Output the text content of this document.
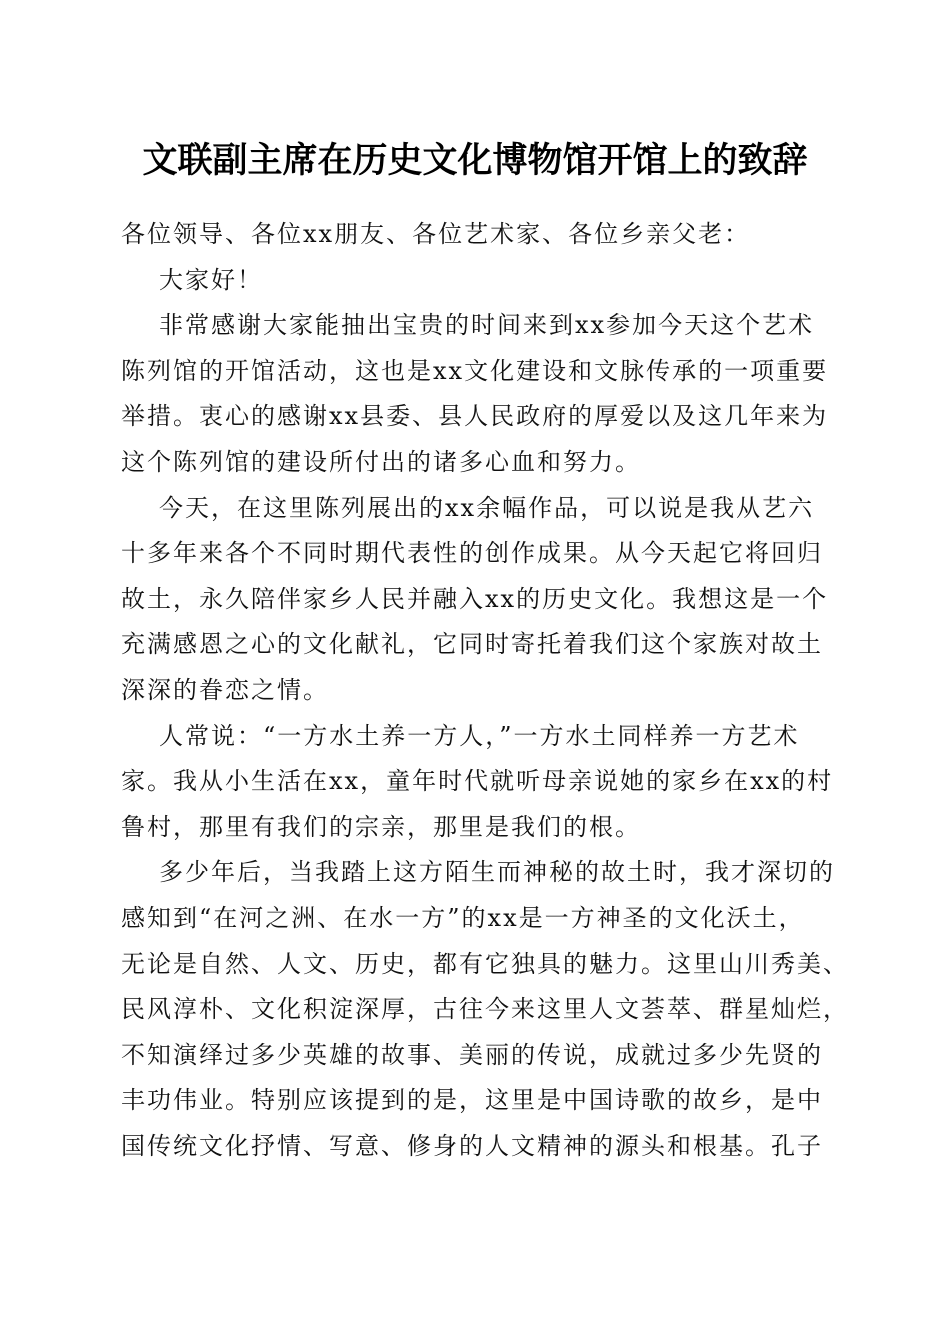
文联副主席在历史文化博物馆开馆上的致辞
各位领导、各位xx朋友、各位艺术家、各位乡亲父老：
大家好！
非常感谢大家能抽出宝贵的时间来到xx参加今天这个艺术
陈列馆的开馆活动，这也是xx文化建设和文脉传承的一项重要
举措。衷心的感谢xx县委、县人民政府的厚爱以及这几年来为
这个陈列馆的建设所付出的诸多心血和努力。
今天，在这里陈列展出的xx余幅作品，可以说是我从艺六
十多年来各个不同时期代表性的创作成果。从今天起它将回归
故土，永久陪伴家乡人民并融入xx的历史文化。我想这是一个
充满感恩之心的文化献礼，它同时寄托着我们这个家族对故土
深深的眷恋之情。
人常说：“一方水土养一方人，”一方水土同样养一方艺术
家。我从小生活在xx，童年时代就听母亲说她的家乡在xx的村
鲁村，那里有我们的宗亲，那里是我们的根。
多少年后，当我踏上这方陌生而神秘的故土时，我才深切的
感知到“在河之洲、在水一方”的xx是一方神圣的文化沃土，
无论是自然、人文、历史，都有它独具的魅力。这里山川秀美、
民风淳朴、文化积淀深厚，古往今来这里人文荟萃、群星灿烂，
不知演绎过多少英雄的故事、美丽的传说，成就过多少先贤的
丰功伟业。特别应该提到的是，这里是中国诗歌的故乡，是中
国传统文化抒情、写意、修身的人文精神的源头和根基。孔子
